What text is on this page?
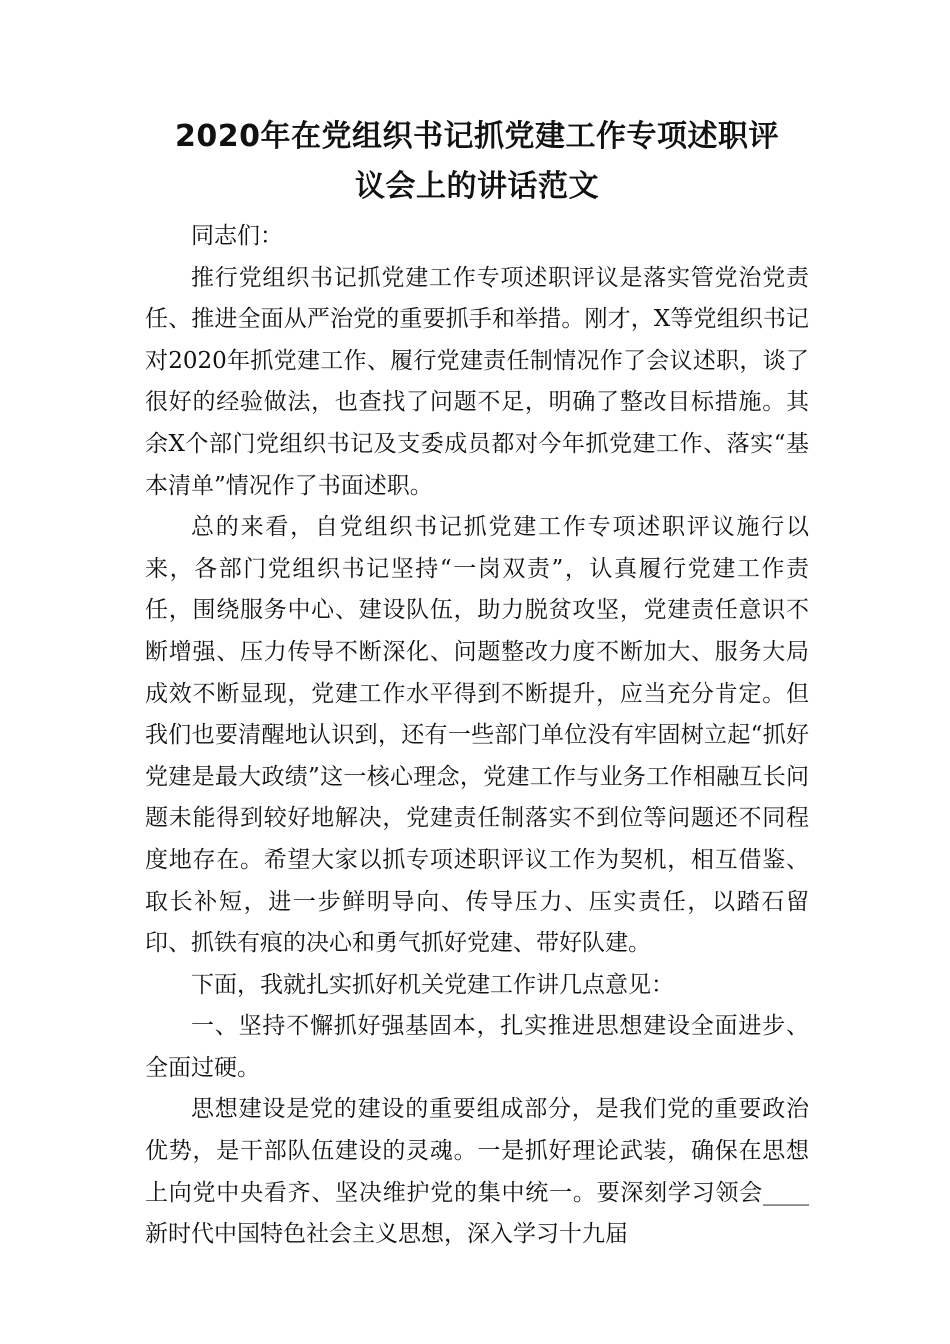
2020年在党组织书记抓党建工作专项述职评
议会上的讲话范文

同志们：

推行党组织书记抓党建工作专项述职评议是落实管党治党责任、推进全面从严治党的重要抓手和举措。刚才，X等党组织书记对2020年抓党建工作、履行党建责任制情况作了会议述职，谈了很好的经验做法，也查找了问题不足，明确了整改目标措施。其余X个部门党组织书记及支委成员都对今年抓党建工作、落实“基本清单”情况作了书面述职。

总的来看，自党组织书记抓党建工作专项述职评议施行以来，各部门党组织书记坚持“一岗双责”，认真履行党建工作责任，围绕服务中心、建设队伍，助力脱贫攻坚，党建责任意识不断增强、压力传导不断深化、问题整改力度不断加大、服务大局成效不断显现，党建工作水平得到不断提升，应当充分肯定。但我们也要清醒地认识到，还有一些部门单位没有牢固树立起“抓好党建是最大政绩”这一核心理念，党建工作与业务工作相融互长问题未能得到较好地解决，党建责任制落实不到位等问题还不同程度地存在。希望大家以抓专项述职评议工作为契机，相互借鉴、取长补短，进一步鲜明导向、传导压力、压实责任，以踏石留印、抓铁有痕的决心和勇气抓好党建、带好队建。

下面，我就扎实抓好机关党建工作讲几点意见：

一、坚持不懈抓好强基固本，扎实推进思想建设全面进步、全面过硬。

思想建设是党的建设的重要组成部分，是我们党的重要政治优势，是干部队伍建设的灵魂。一是抓好理论武装，确保在思想上向党中央看齐、坚决维护党的集中统一。要深刻学习领会____新时代中国特色社会主义思想，深入学习十九届
